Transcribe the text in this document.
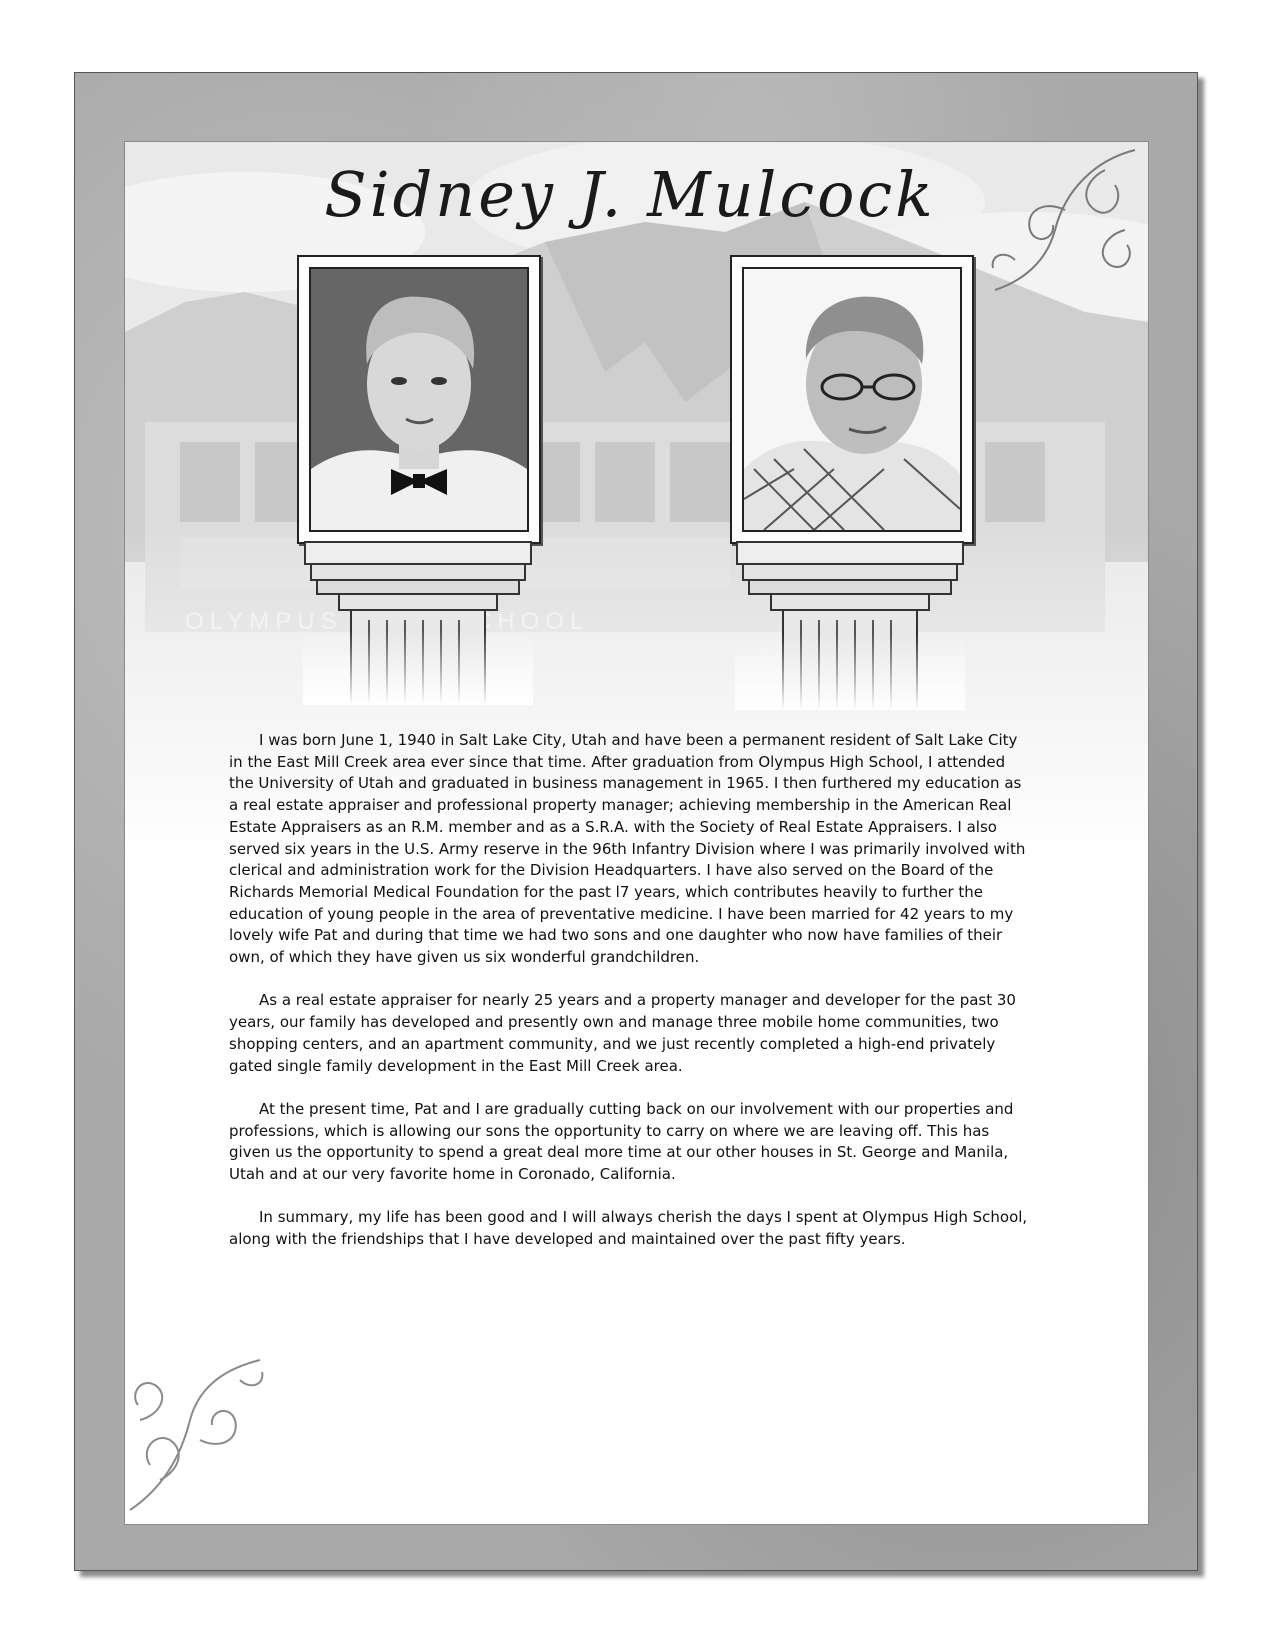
Sidney J. Mulcock

I was born June 1, 1940 in Salt Lake City, Utah and have been a permanent resident of Salt Lake City in the East Mill Creek area ever since that time. After graduation from Olympus High School, I attended the University of Utah and graduated in business management in 1965. I then furthered my education as a real estate appraiser and professional property manager; achieving membership in the American Real Estate Appraisers as an R.M. member and as a S.R.A. with the Society of Real Estate Appraisers. I also served six years in the U.S. Army reserve in the 96th Infantry Division where I was primarily involved with clerical and administration work for the Division Headquarters. I have also served on the Board of the Richards Memorial Medical Foundation for the past l7 years, which contributes heavily to further the education of young people in the area of preventative medicine. I have been married for 42 years to my lovely wife Pat and during that time we had two sons and one daughter who now have families of their own, of which they have given us six wonderful grandchildren.

As a real estate appraiser for nearly 25 years and a property manager and developer for the past 30 years, our family has developed and presently own and manage three mobile home communities, two shopping centers, and an apartment community, and we just recently completed a high-end privately gated single family development in the East Mill Creek area.

At the present time, Pat and I are gradually cutting back on our involvement with our properties and professions, which is allowing our sons the opportunity to carry on where we are leaving off. This has given us the opportunity to spend a great deal more time at our other houses in St. George and Manila, Utah and at our very favorite home in Coronado, California.

In summary, my life has been good and I will always cherish the days I spent at Olympus High School, along with the friendships that I have developed and maintained over the past fifty years.
